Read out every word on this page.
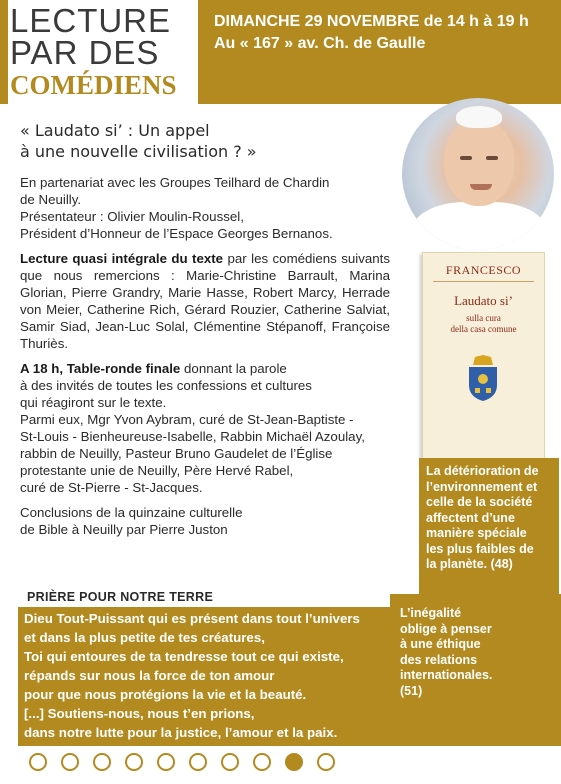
LECTURE
PAR DES
COMÉDIENS
DIMANCHE 29 NOVEMBRE de 14 h à 19 h
Au « 167 » av. Ch. de Gaulle
FRANCESCO
Laudato si’
sulla cura
della casa comune
« Laudato si’ : Un appel
à une nouvelle civilisation ? »
En partenariat avec les Groupes Teilhard de Chardin
de Neuilly.
Présentateur : Olivier Moulin-Roussel,
Président d’Honneur de l’Espace Georges Bernanos.
Lecture quasi intégrale du texte par les comédiens suivants que nous remercions : Marie-Christine Barrault, Marina Glorian, Pierre Grandry, Marie Hasse, Robert Marcy, Herrade von Meier, Catherine Rich, Gérard Rouzier, Catherine Salviat, Samir Siad, Jean-Luc Solal, Clémentine Stépanoff, Françoise Thuriès.
A 18 h, Table-ronde finale donnant la parole
à des invités de toutes les confessions et cultures
qui réagiront sur le texte.
Parmi eux, Mgr Yvon Aybram, curé de St-Jean-Baptiste -
St-Louis - Bienheureuse-Isabelle, Rabbin Michaël Azoulay,
rabbin de Neuilly, Pasteur Bruno Gaudelet de l’Église
protestante unie de Neuilly, Père Hervé Rabel,
curé de St-Pierre - St-Jacques.
Conclusions de la quinzaine culturelle
de Bible à Neuilly par Pierre Juston
La détérioration de
l’environnement et
celle de la société
affectent d’une
manière spéciale
les plus faibles de
la planète. (48)
L’inégalité
oblige à penser
à une éthique
des relations
internationales.
(51)
PRIÈRE POUR NOTRE TERRE
Dieu Tout-Puissant qui es présent dans tout l’univers
et dans la plus petite de tes créatures,
Toi qui entoures de ta tendresse tout ce qui existe,
répands sur nous la force de ton amour
pour que nous protégions la vie et la beauté.
[...] Soutiens-nous, nous t’en prions,
dans notre lutte pour la justice, l’amour et la paix.
